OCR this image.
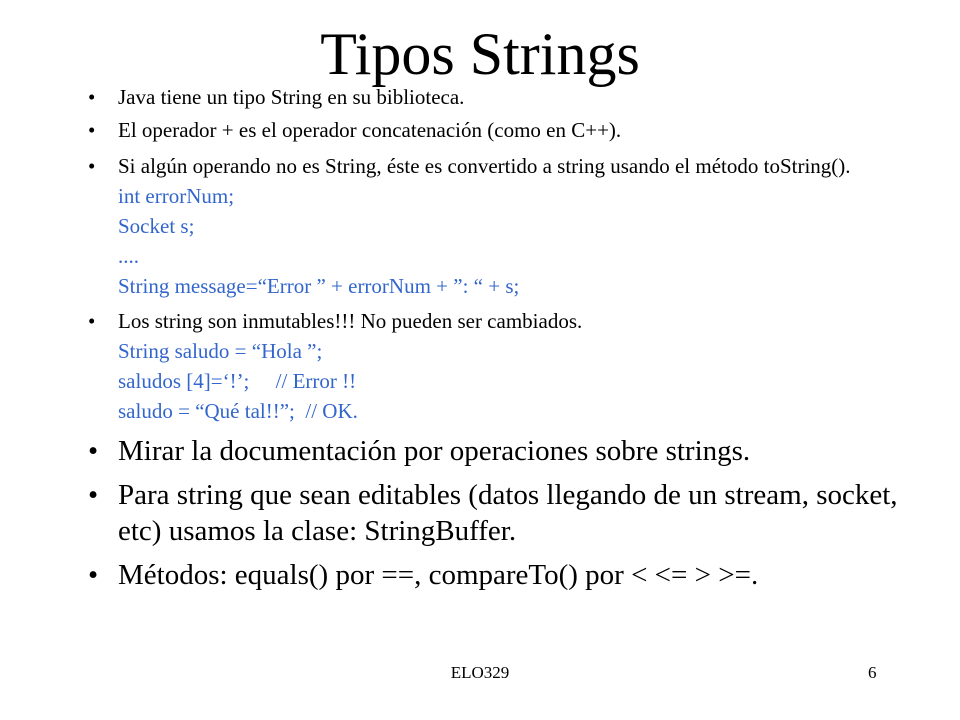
Tipos Strings
• Java tiene un tipo String en su biblioteca.
• El operador + es el operador concatenación (como en C++).
• Si algún operando no es String, éste es convertido a string usando el método toString().
int errorNum;
Socket s;
....
String message=“Error ” + errorNum + ”: “ + s;
• Los string son inmutables!!! No pueden ser cambiados.
String saludo = “Hola ”;
saludos [4]=‘!’;     // Error !!
saludo = “Qué tal!!”;  // OK.
• Mirar la documentación por operaciones sobre strings.
• Para string que sean editables (datos llegando de un stream, socket, etc) usamos la clase: StringBuffer.
• Métodos: equals() por ==, compareTo() por < <= > >=.
ELO329	6
